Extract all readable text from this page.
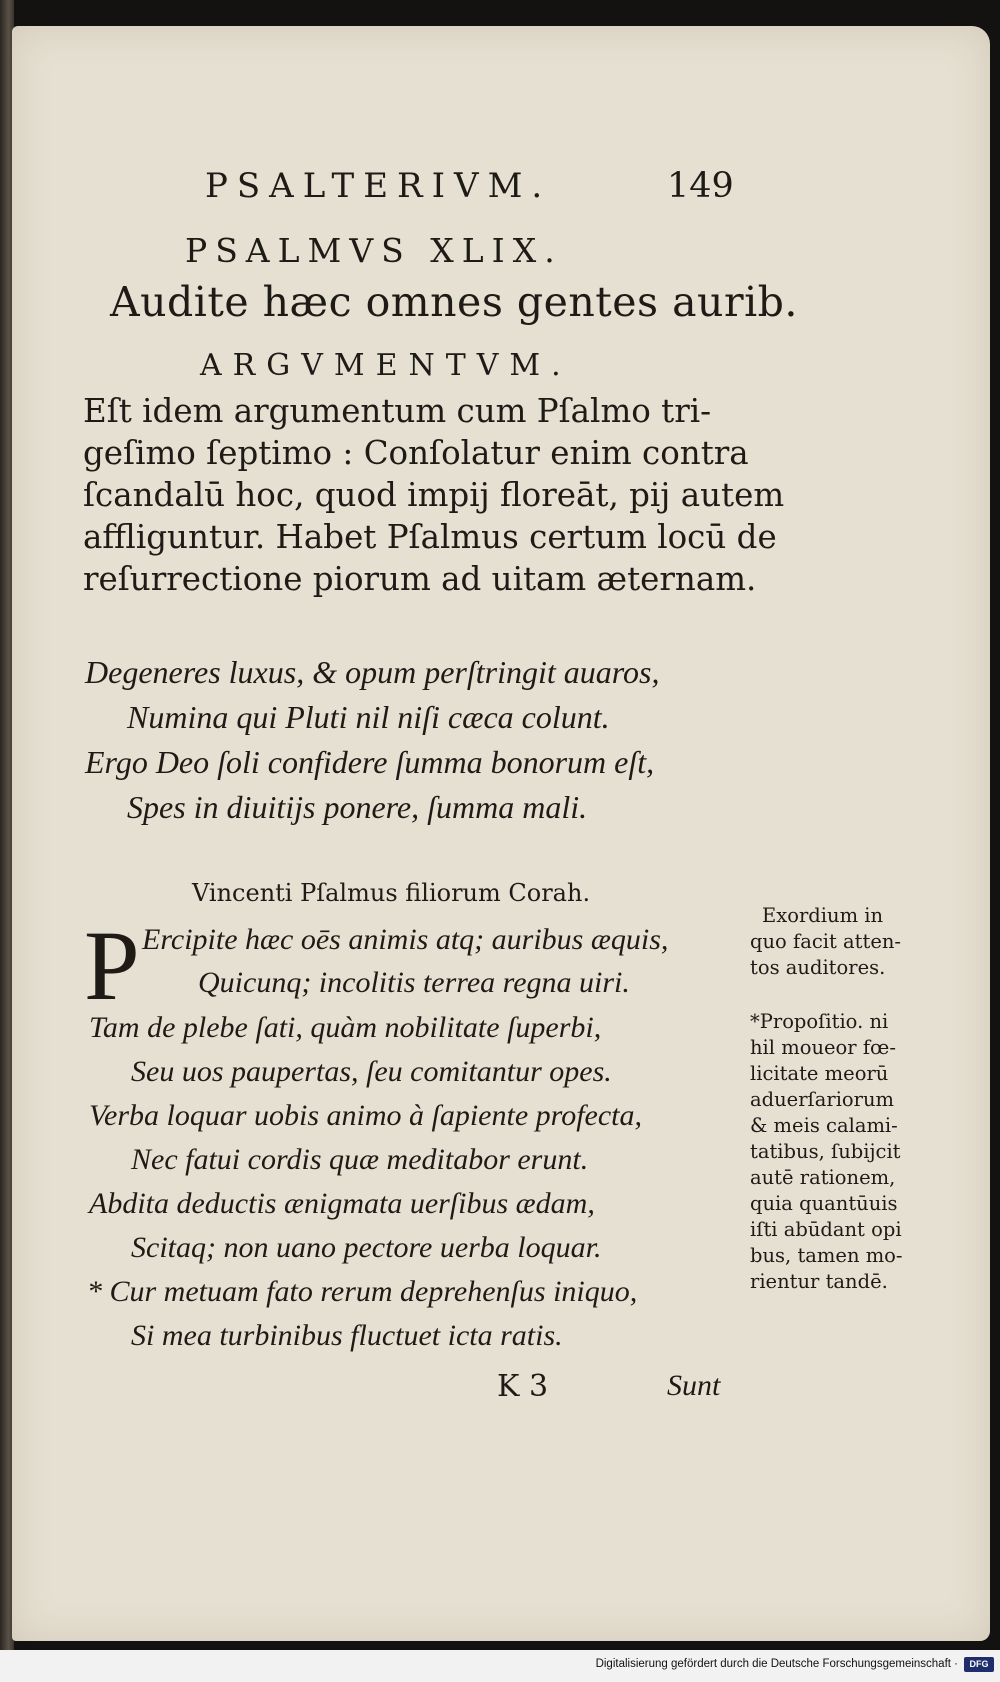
PSALTERIVM.	149
PSALMVS XLIX.
Audite hæc omnes gentes aurib.
ARGVMENTVM.
Eſt idem argumentum cum Pſalmo tri-
geſimo ſeptimo : Conſolatur enim contra
ſcandalū hoc, quod impij floreāt, pij autem
affliguntur. Habet Pſalmus certum locū de
reſurrectione piorum ad uitam æternam.
Degeneres luxus, & opum perſtringit auaros,
Numina qui Pluti nil niſi cæca colunt.
Ergo Deo ſoli confidere ſumma bonorum eſt,
Spes in diuitijs ponere, ſumma mali.
Vincenti Pſalmus filiorum Corah.
P Ercipite hæc oēs animis atq; auribus æquis,
Quicunq; incolitis terrea regna uiri.
Tam de plebe ſati, quàm nobilitate ſuperbi,
Seu uos paupertas, ſeu comitantur opes.
Verba loquar uobis animo à ſapiente profecta,
Nec fatui cordis quæ meditabor erunt.
Abdita deductis ænigmata uerſibus ædam,
Scitaq; non uano pectore uerba loquar.
* Cur metuam fato rerum deprehenſus iniquo,
Si mea turbinibus fluctuet icta ratis.
Exordium in
quo facit atten-
tos auditores.
*Propoſitio. ni
hil moueor fœ-
licitate meorū
aduerſariorum
& meis calami-
tatibus, ſubijcit
autē rationem,
quia quantūuis
iſti abūdant opi
bus, tamen mo-
rientur tandē.
K 3	Sunt
Digitalisierung gefördert durch die Deutsche Forschungsgemeinschaft ·	DFG
